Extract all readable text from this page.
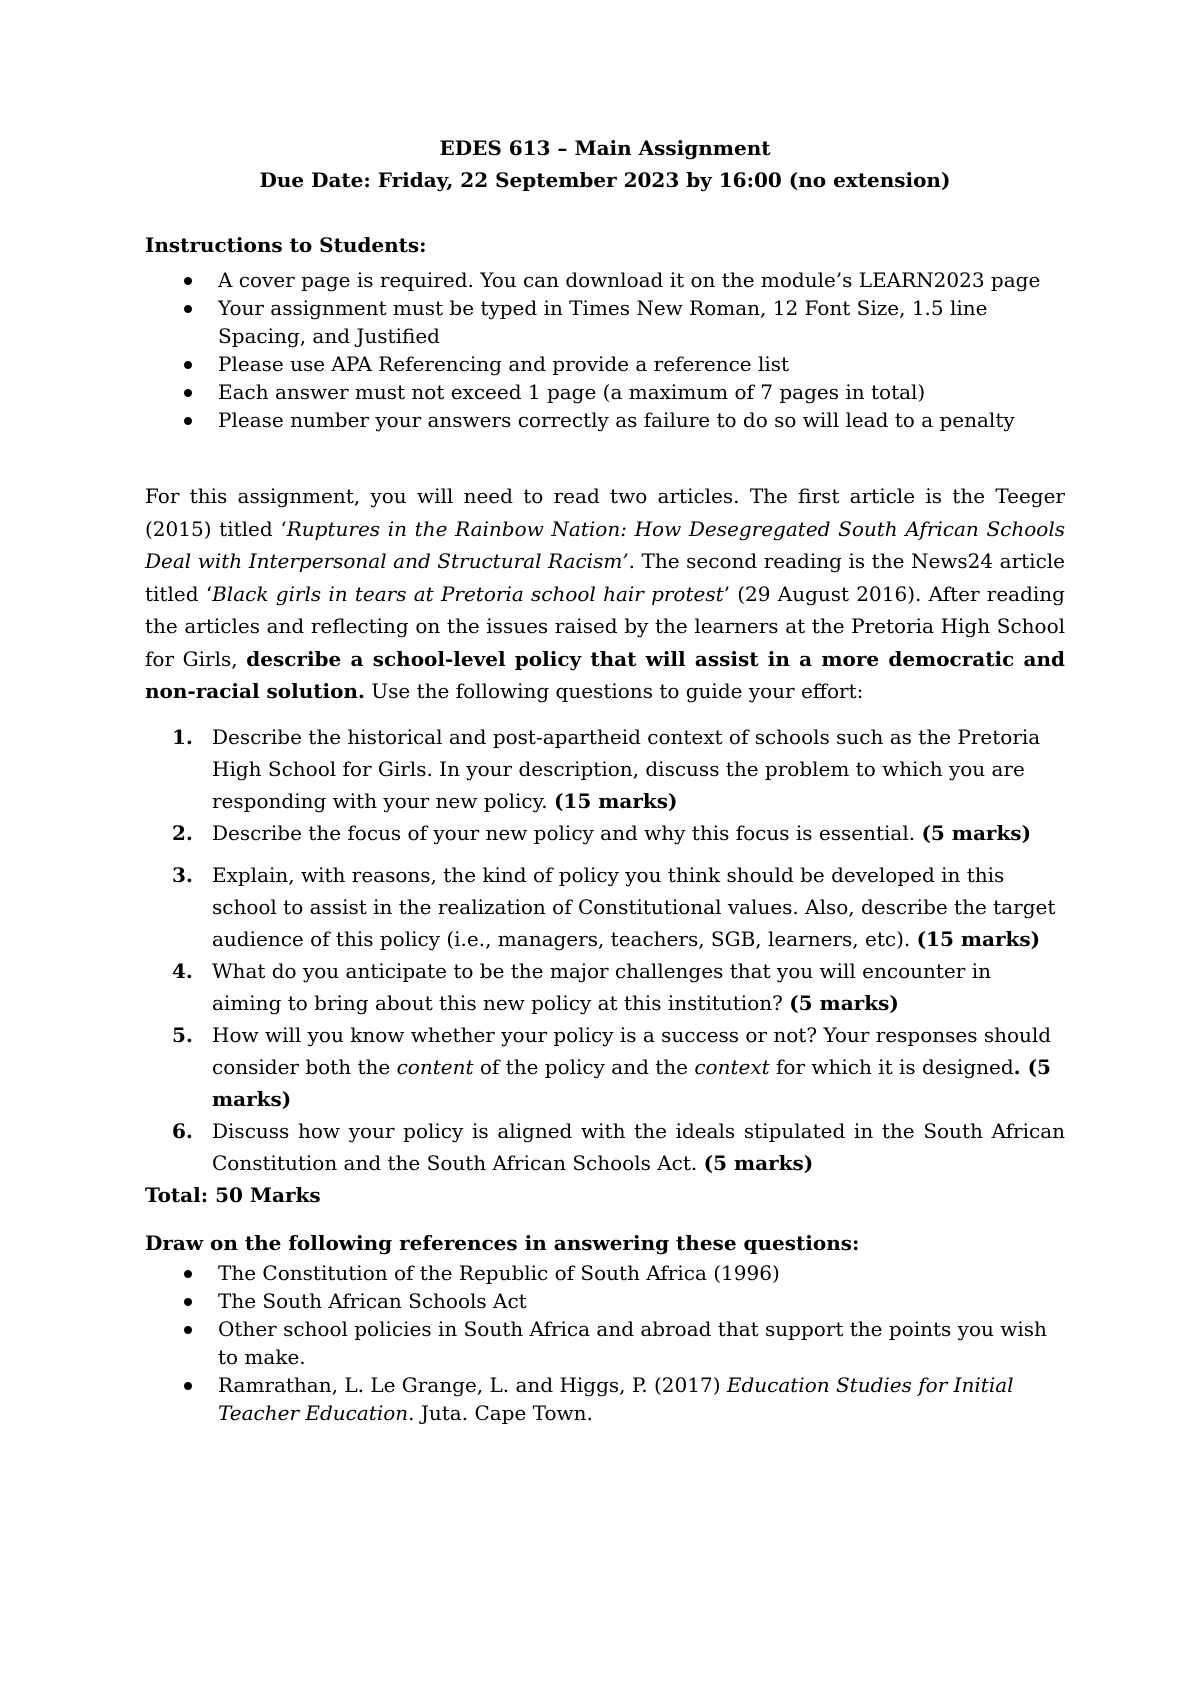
EDES 613 – Main Assignment

Due Date: Friday, 22 September 2023 by 16:00 (no extension)

Instructions to Students:

A cover page is required. You can download it on the module’s LEARN2023 page
Your assignment must be typed in Times New Roman, 12 Font Size, 1.5 line Spacing, and Justified
Please use APA Referencing and provide a reference list
Each answer must not exceed 1 page (a maximum of 7 pages in total)
Please number your answers correctly as failure to do so will lead to a penalty

For this assignment, you will need to read two articles. The first article is the Teeger (2015) titled ‘Ruptures in the Rainbow Nation: How Desegregated South African Schools Deal with Interpersonal and Structural Racism’. The second reading is the News24 article titled ‘Black girls in tears at Pretoria school hair protest’ (29 August 2016). After reading the articles and reflecting on the issues raised by the learners at the Pretoria High School for Girls, describe a school-level policy that will assist in a more democratic and non-racial solution. Use the following questions to guide your effort:

1. Describe the historical and post-apartheid context of schools such as the Pretoria High School for Girls. In your description, discuss the problem to which you are responding with your new policy. (15 marks)
2. Describe the focus of your new policy and why this focus is essential. (5 marks)
3. Explain, with reasons, the kind of policy you think should be developed in this school to assist in the realization of Constitutional values. Also, describe the target audience of this policy (i.e., managers, teachers, SGB, learners, etc). (15 marks)
4. What do you anticipate to be the major challenges that you will encounter in aiming to bring about this new policy at this institution? (5 marks)
5. How will you know whether your policy is a success or not? Your responses should consider both the content of the policy and the context for which it is designed. (5 marks)
6. Discuss how your policy is aligned with the ideals stipulated in the South African Constitution and the South African Schools Act. (5 marks)

Total: 50 Marks

Draw on the following references in answering these questions:

The Constitution of the Republic of South Africa (1996)
The South African Schools Act
Other school policies in South Africa and abroad that support the points you wish to make.
Ramrathan, L. Le Grange, L. and Higgs, P. (2017) Education Studies for Initial Teacher Education. Juta. Cape Town.
